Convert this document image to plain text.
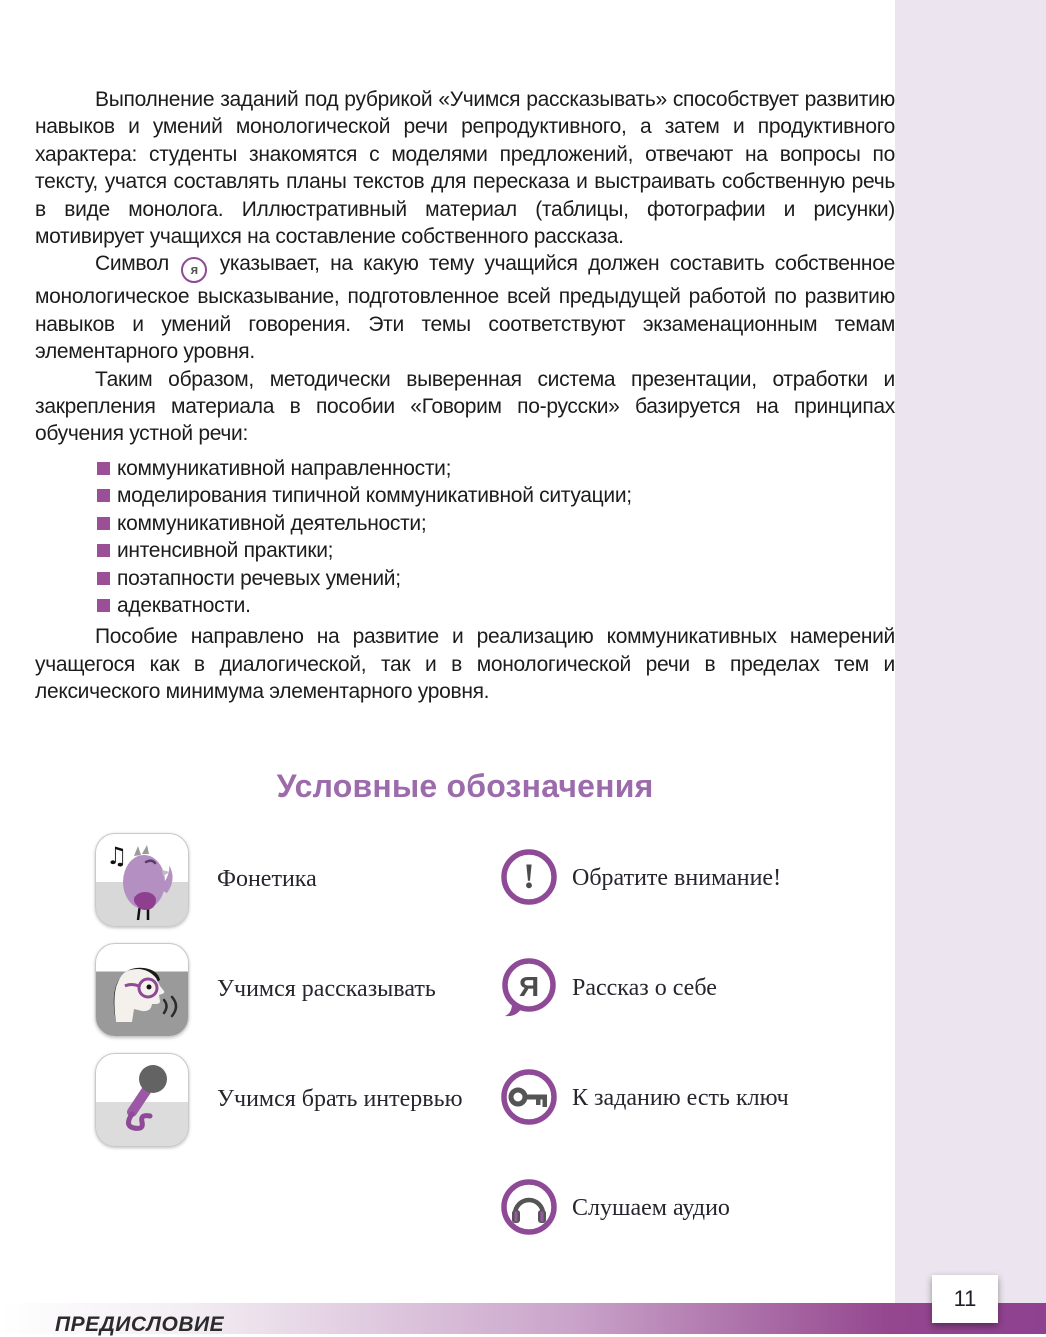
Выполнение заданий под рубрикой «Учимся рассказывать» способствует развитию навыков и умений монологической речи репродуктивного, а затем и продуктивного характера: студенты знакомятся с моделями предложений, отвечают на вопросы по тексту, учатся составлять планы текстов для пересказа и выстраивать собственную речь в виде монолога. Иллюстративный материал (таблицы, фотографии и рисунки) мотивирует учащихся на составление собственного рассказа.

Символ я указывает, на какую тему учащийся должен составить собственное монологическое высказывание, подготовленное всей предыдущей работой по развитию навыков и умений говорения. Эти темы соответствуют экзаменационным темам элементарного уровня.

Таким образом, методически выверенная система презентации, отработки и закрепления материала в пособии «Говорим по-русски» базируется на принципах обучения устной речи:

коммуникативной направленности;
моделирования типичной коммуникативной ситуации;
коммуникативной деятельности;
интенсивной практики;
поэтапности речевых умений;
адекватности.

Пособие направлено на развитие и реализацию коммуникативных намерений учащегося как в диалогической, так и в монологической речи в пределах тем и лексического минимума элементарного уровня.

Условные обозначения
♫
Фонетика
Учимся рассказывать
Учимся брать интервью
! Обратите внимание!
Я Рассказ о себе
К заданию есть ключ
Слушаем аудио
ПРЕДИСЛОВИЕ
11
